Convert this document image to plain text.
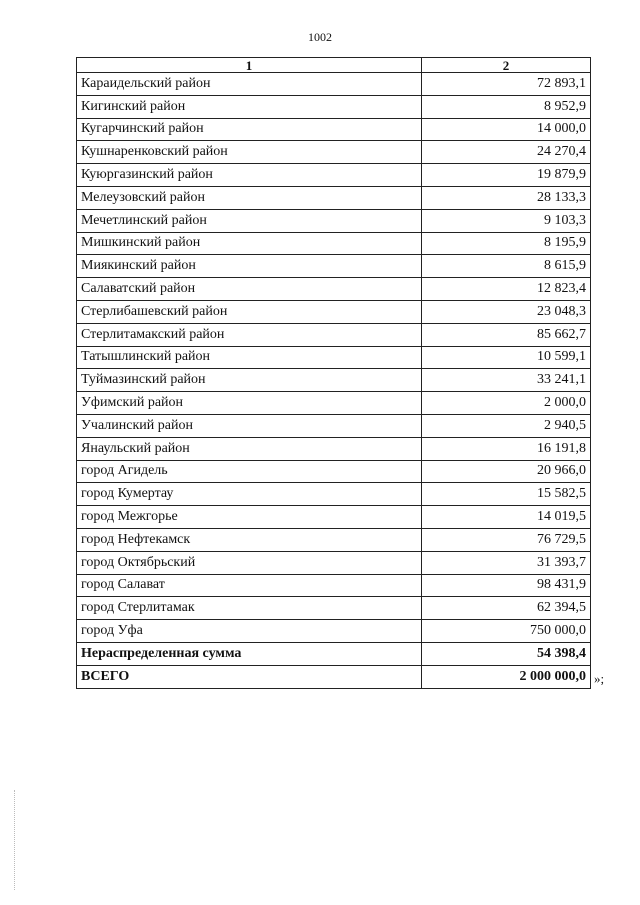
1002
1	2
Караидельский район	72 893,1
Кигинский район	8 952,9
Кугарчинский район	14 000,0
Кушнаренковский район	24 270,4
Куюргазинский район	19 879,9
Мелеузовский район	28 133,3
Мечетлинский район	9 103,3
Мишкинский район	8 195,9
Миякинский район	8 615,9
Салаватский район	12 823,4
Стерлибашевский район	23 048,3
Стерлитамакский район	85 662,7
Татышлинский район	10 599,1
Туймазинский район	33 241,1
Уфимский район	2 000,0
Учалинский район	2 940,5
Янаульский район	16 191,8
город Агидель	20 966,0
город Кумертау	15 582,5
город Межгорье	14 019,5
город Нефтекамск	76 729,5
город Октябрьский	31 393,7
город Салават	98 431,9
город Стерлитамак	62 394,5
город Уфа	750 000,0
Нераспределенная сумма	54 398,4
ВСЕГО	2 000 000,0 »;
